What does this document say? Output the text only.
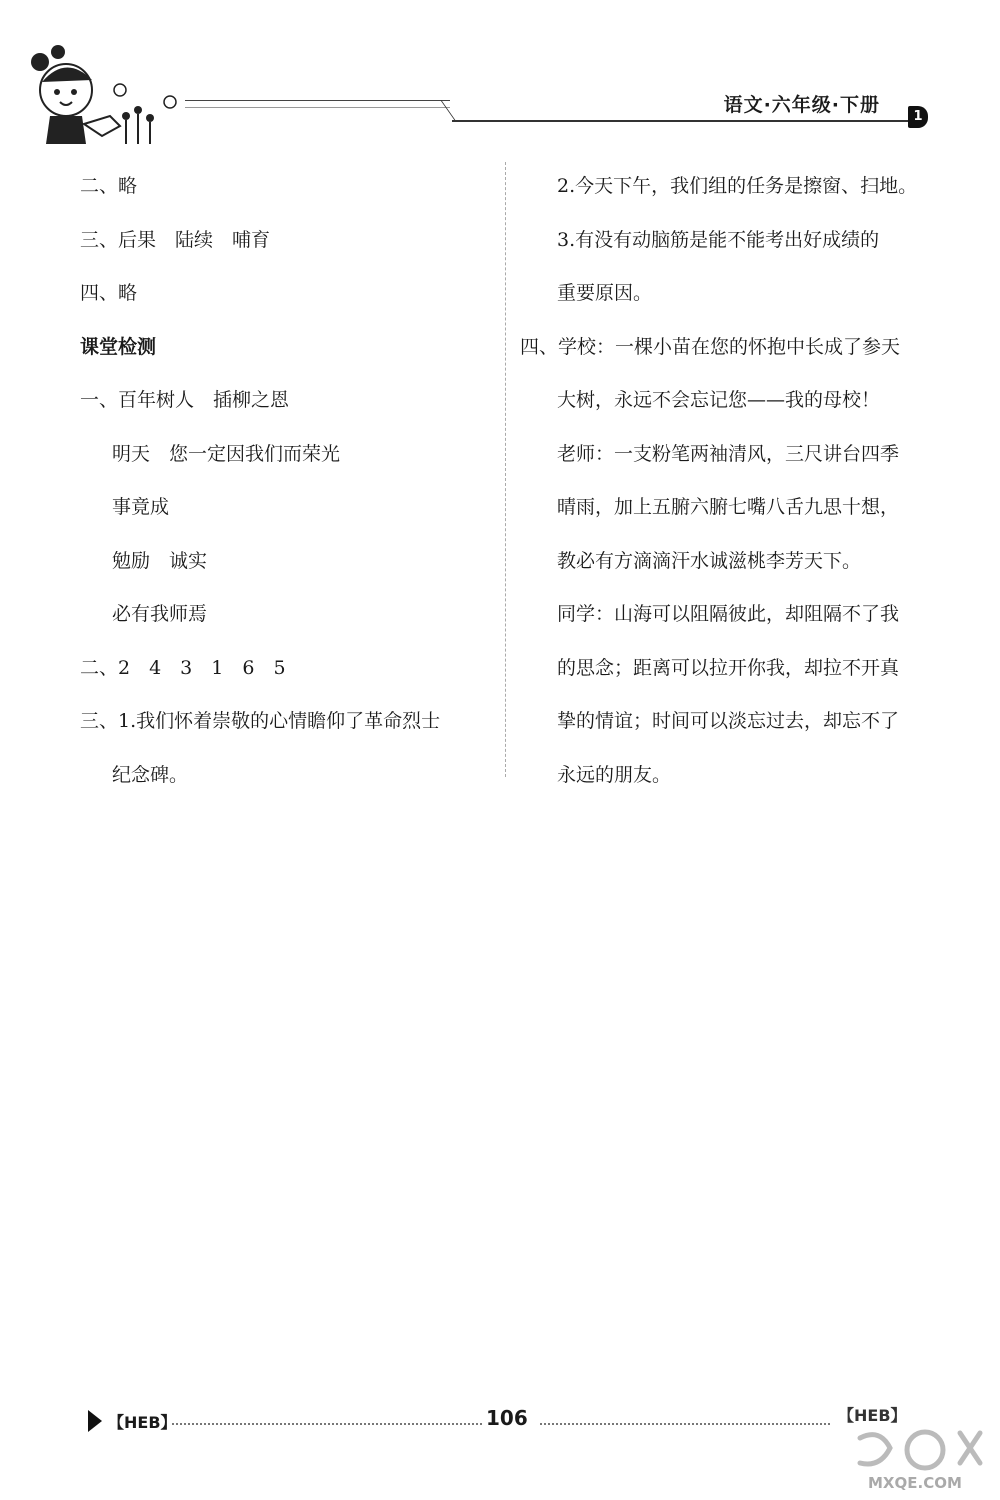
语文·六年级·下册
1
二、略
三、后果　陆续　哺育
四、略
课堂检测
一、百年树人　插柳之恩
明天　您一定因我们而荣光
事竟成
勉励　诚实
必有我师焉
二、2　4　3　1　6　5
三、1.我们怀着崇敬的心情瞻仰了革命烈士
纪念碑。
2.今天下午，我们组的任务是擦窗、扫地。
3.有没有动脑筋是能不能考出好成绩的
重要原因。
四、学校：一棵小苗在您的怀抱中长成了参天
大树，永远不会忘记您——我的母校！
老师：一支粉笔两袖清风，三尺讲台四季
晴雨，加上五腑六腑七嘴八舌九思十想，
教必有方滴滴汗水诚滋桃李芳天下。
同学：山海可以阻隔彼此，却阻隔不了我
的思念；距离可以拉开你我，却拉不开真
挚的情谊；时间可以淡忘过去，却忘不了
永远的朋友。
【HEB】	106	【HEB】
MXQE.COM
